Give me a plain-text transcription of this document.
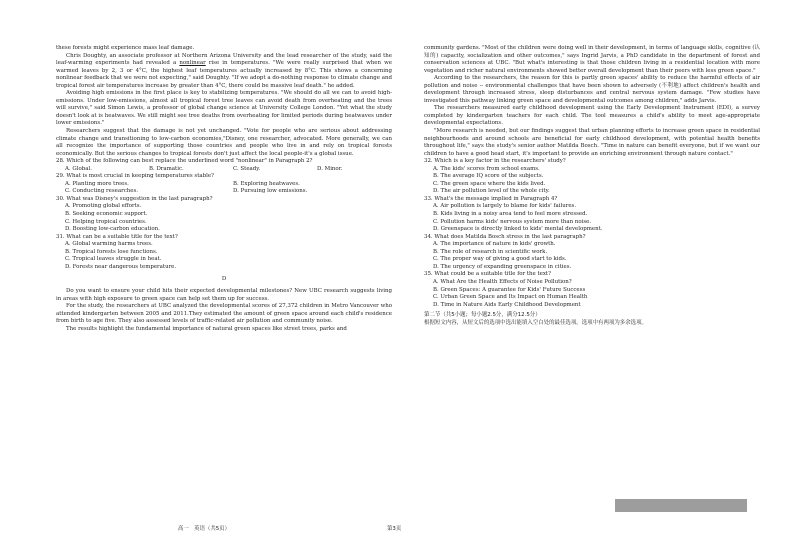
these forests might experience mass leaf damage.

Chris Doughty, an associate professor at Northern Arizona University and the lead researcher of the study, said the leaf-warming experiments had revealed a nonlinear rise in temperatures. "We were really surprised that when we warmed leaves by 2, 3 or 4°C, the highest leaf temperatures actually increased by 8°C. This shows a concerning nonlinear feedback that we were not expecting," said Doughty. "If we adopt a do-nothing response to climate change and tropical forest air temperatures increase by greater than 4°C, there could be massive leaf death." he added.

Avoiding high emissions in the first place is key to stabilizing temperatures. "We should do all we can to avoid high-emissions. Under low-emissions, almost all tropical forest tree leaves can avoid death from overheating and the trees will survive," said Simon Lewis, a professor of global change science at University College London. "Yet what the study doesn't look at is heatwaves. We still might see tree deaths from overheating for limited periods during heatwaves under lower emissions."

Researchers suggest that the damage is not yet unchanged. "Vote for people who are serious about addressing climate change and transitioning to low-carbon economies,"Disney, one researcher, advocated. More generally, we can all recognize the importance of supporting those countries and people who live in and rely on tropical forests economically. But the serious changes to tropical forests don't just affect the local people-it's a global issue.

28. Which of the following can best replace the underlined word "nonlinear" in Paragraph 2?

A. Global.	B. Dramatic.	C. Steady.	D. Minor.

29. What is most crucial in keeping temperatures stable?

A. Planting more trees.	B. Exploring heatwaves.
C. Conducting researches.	D. Pursuing low emissions.

30. What was Disney's suggestion in the last paragraph?

A. Promoting global efforts.

B. Seeking economic support.

C. Helping tropical countries.

D. Boosting low-carbon education.

31. What can be a suitable title for the text?

A. Global warming harms trees.

B. Tropical forests lose functions.

C. Tropical leaves struggle in heat.

D. Forests near dangerous temperature.

D

Do you want to ensure your child hits their expected developmental milestones? New UBC research suggests living in areas with high exposure to green space can help set them up for success.

For the study, the researchers at UBC analyzed the developmental scores of 27,372 children in Metro Vancouver who attended kindergarten between 2005 and 2011.They estimated the amount of green space around each child's residence from birth to age five. They also assessed levels of traffic-related air pollution and community noise.

The results highlight the fundamental importance of natural green spaces like street trees, parks and

community gardens. "Most of the children were doing well in their development, in terms of language skills, cognitive (认知的) capacity, socialization and other outcomes," says Ingrid Jarvis, a PhD candidate in the department of forest and conservation sciences at UBC. "But what's interesting is that those children living in a residential location with more vegetation and richer natural environments showed better overall development than their peers with less green space."

According to the researchers, the reason for this is partly green spaces' ability to reduce the harmful effects of air pollution and noise -- environmental challenges that have been shown to adversely (不利地) affect children's health and development through increased stress, sleep disturbances and central nervous system damage. "Few studies have investigated this pathway linking green space and developmental outcomes among children," adds Jarvis.

The researchers measured early childhood development using the Early Development Instrument (EDI), a survey completed by kindergarten teachers for each child. The tool measures a child's ability to meet age-appropriate developmental expectations.

"More research is needed, but our findings suggest that urban planning efforts to increase green space in residential neighbourhoods and around schools are beneficial for early childhood development, with potential health benefits throughout life," says the study's senior author Matilda Bosch. "Time in nature can benefit everyone, but if we want our children to have a good head start, it's important to provide an enriching environment through nature contact."

32. Which is a key factor in the researchers' study?

A. The kids' scores from school exams.

B. The average IQ score of the subjects.

C. The green space where the kids lived.

D. The air pollution level of the whole city.

33. What's the message implied in Paragraph 4?

A. Air pollution is largely to blame for kids' failures.

B. Kids living in a noisy area tend to feel more stressed.

C. Pollution harms kids' nervous system more than noise.

D. Greenspace is directly linked to kids' mental development.

34. What does Matilda Bosch stress in the last paragraph?

A. The importance of nature in kids' growth.

B. The role of research in scientific work.

C. The proper way of giving a good start to kids.

D. The urgency of expanding greenspace in cities.

35. What could be a suitable title for the text?

A. What Are the Health Effects of Noise Pollution?

B. Green Spaces: A guarantee for Kids' Future Success

C. Urban Green Space and Its Impact on Human Health

D. Time in Nature Aids Early Childhood Development

第二节（共5小题；每小题2.5分，满分12.5分）

根据短文内容，从短文后的选项中选出能填入空白处的最佳选项。选项中有两项为多余选项。

高一　英语（共5页）	第3页
